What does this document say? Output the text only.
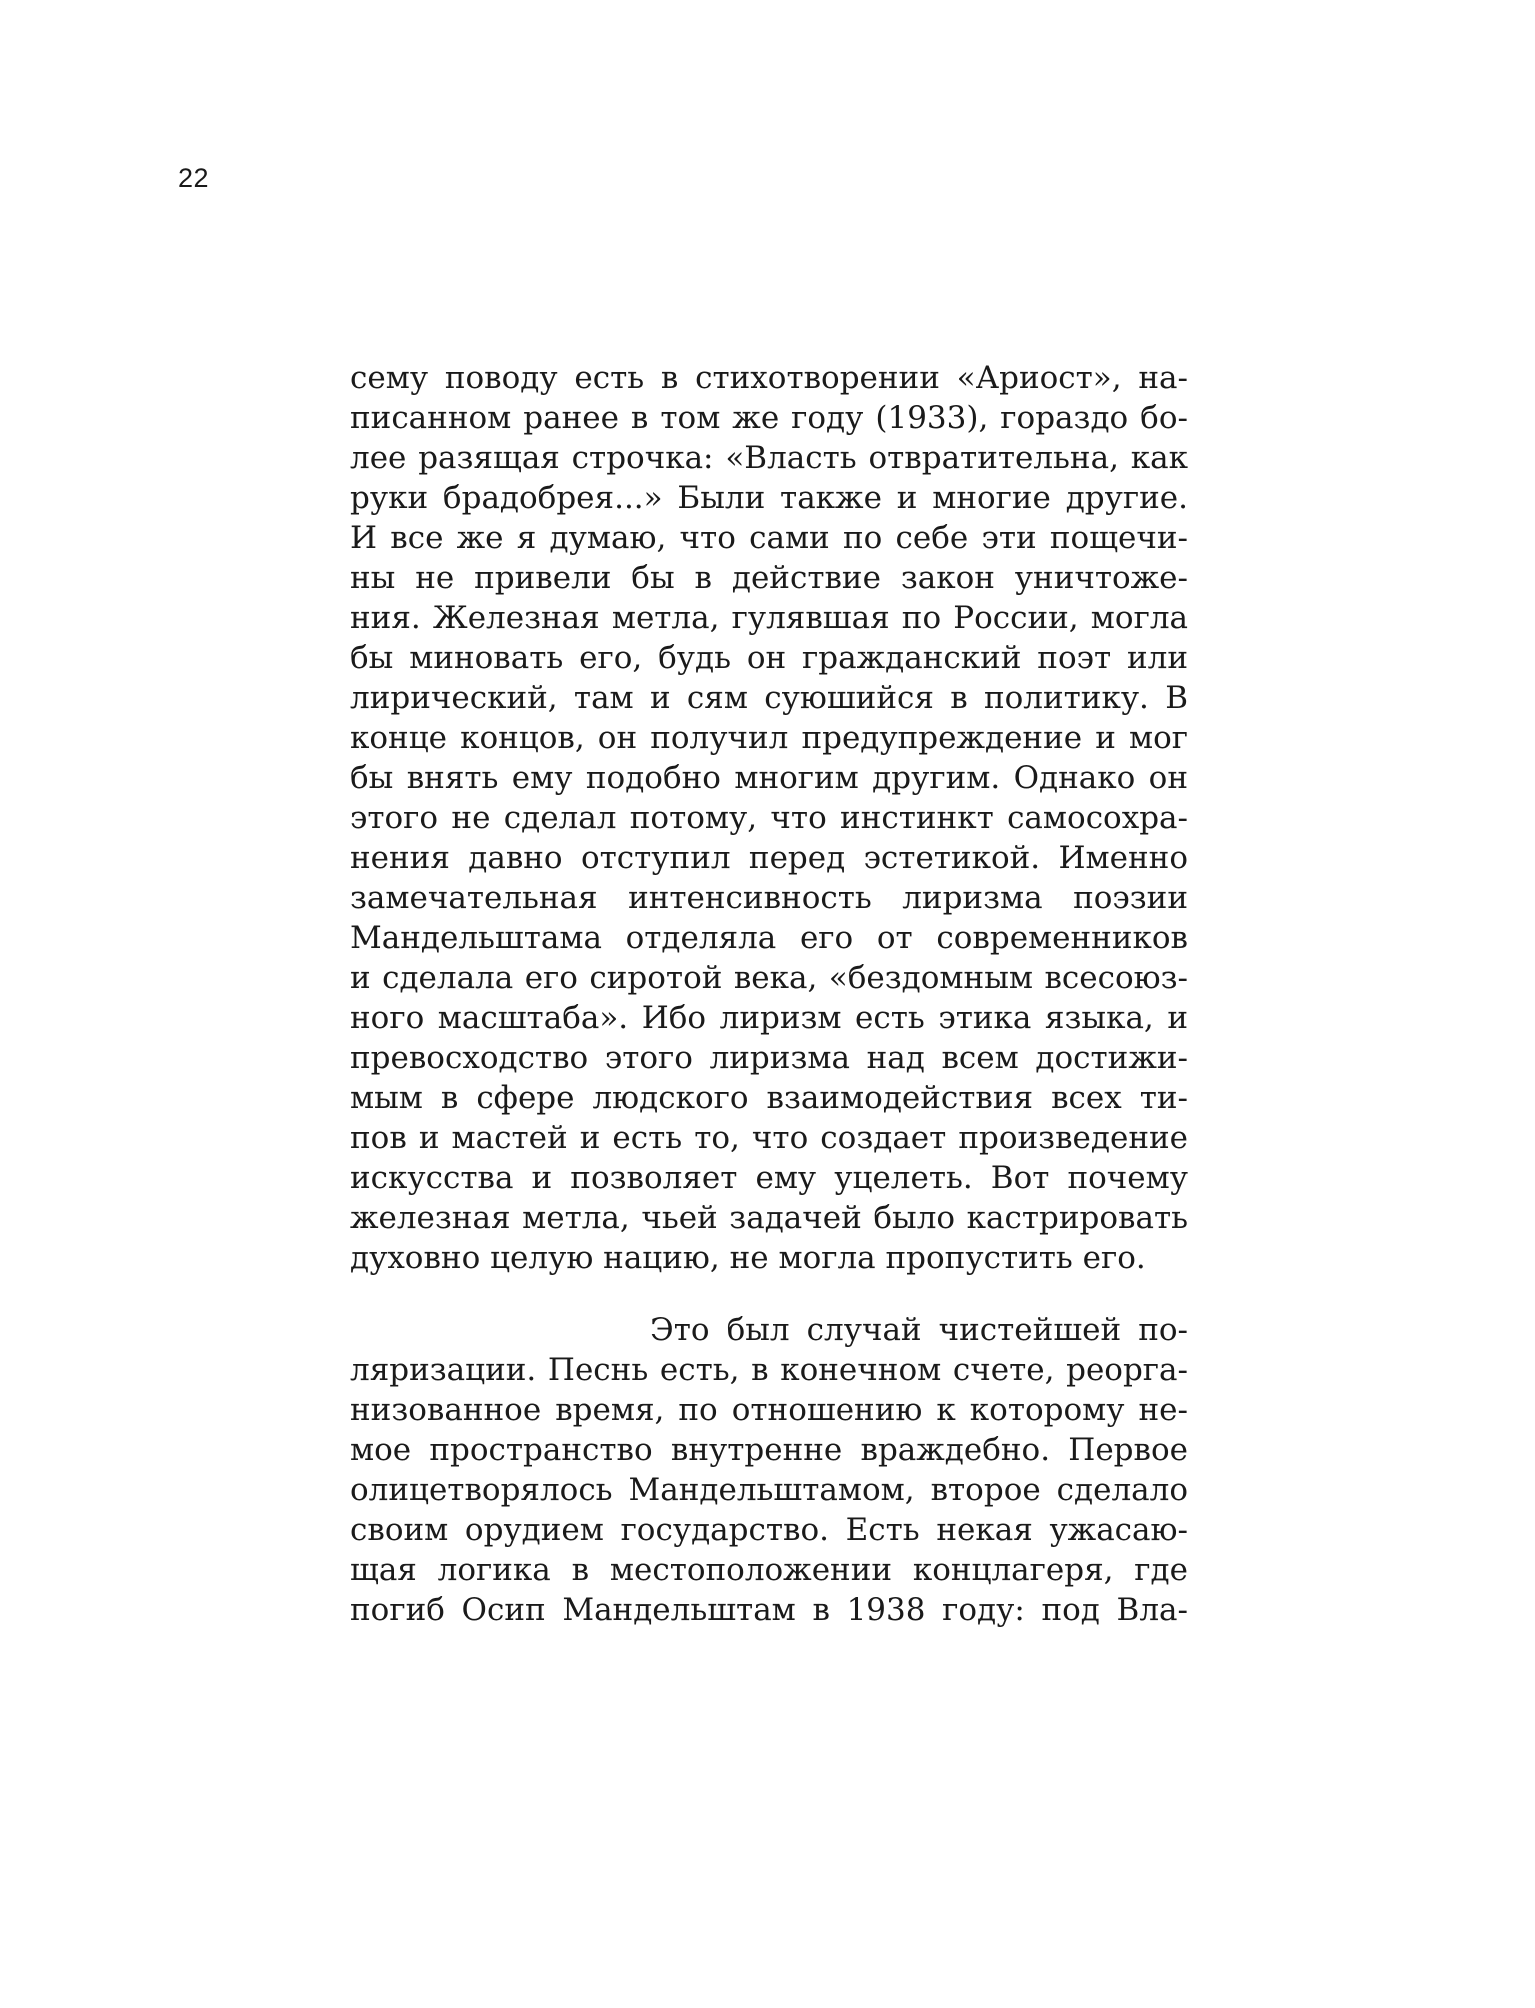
22
сему поводу есть в стихотворении «Ариост», на-
писанном ранее в том же году (1933), гораздо бо-
лее разящая строчка: «Власть отвратительна, как
руки брадобрея...» Были также и многие другие.
И все же я думаю, что сами по себе эти пощечи-
ны не привели бы в действие закон уничтоже-
ния. Железная метла, гулявшая по России, могла
бы миновать его, будь он гражданский поэт или
лирический, там и сям суюшийся в политику. В
конце концов, он получил предупреждение и мог
бы внять ему подобно многим другим. Однако он
этого не сделал потому, что инстинкт самосохра-
нения давно отступил перед эстетикой. Именно
замечательная интенсивность лиризма поэзии
Мандельштама отделяла его от современников
и сделала его сиротой века, «бездомным всесоюз-
ного масштаба». Ибо лиризм есть этика языка, и
превосходство этого лиризма над всем достижи-
мым в сфере людского взаимодействия всех ти-
пов и мастей и есть то, что создает произведение
искусства и позволяет ему уцелеть. Вот почему
железная метла, чьей задачей было кастрировать
духовно целую нацию, не могла пропустить его.
Это был случай чистейшей по-
ляризации. Песнь есть, в конечном счете, реорга-
низованное время, по отношению к которому не-
мое пространство внутренне враждебно. Первое
олицетворялось Мандельштамом, второе сделало
своим орудием государство. Есть некая ужасаю-
щая логика в местоположении концлагеря, где
погиб Осип Мандельштам в 1938 году: под Вла-
